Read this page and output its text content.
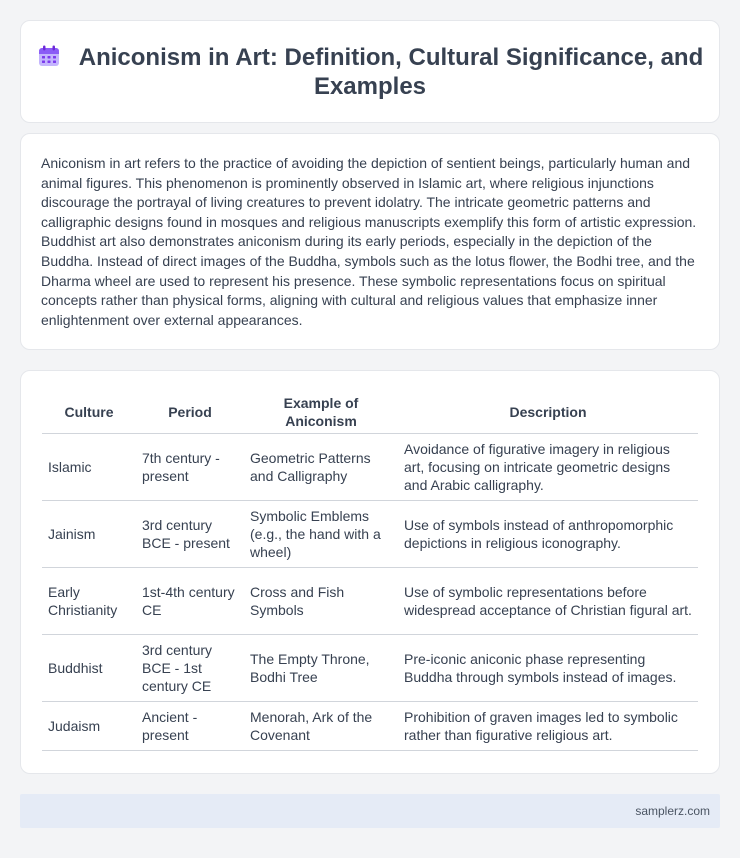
Aniconism in Art: Definition, Cultural Significance, and Examples

Aniconism in art refers to the practice of avoiding the depiction of sentient beings, particularly human and animal figures. This phenomenon is prominently observed in Islamic art, where religious injunctions discourage the portrayal of living creatures to prevent idolatry. The intricate geometric patterns and calligraphic designs found in mosques and religious manuscripts exemplify this form of artistic expression. Buddhist art also demonstrates aniconism during its early periods, especially in the depiction of the Buddha. Instead of direct images of the Buddha, symbols such as the lotus flower, the Bodhi tree, and the Dharma wheel are used to represent his presence. These symbolic representations focus on spiritual concepts rather than physical forms, aligning with cultural and religious values that emphasize inner enlightenment over external appearances.

Culture	Period	Example of Aniconism	Description
Islamic	7th century - present	Geometric Patterns and Calligraphy	Avoidance of figurative imagery in religious art, focusing on intricate geometric designs and Arabic calligraphy.
Jainism	3rd century BCE - present	Symbolic Emblems (e.g., the hand with a wheel)	Use of symbols instead of anthropomorphic depictions in religious iconography.
Early Christianity	1st-4th century CE	Cross and Fish Symbols	Use of symbolic representations before widespread acceptance of Christian figural art.
Buddhist	3rd century BCE - 1st century CE	The Empty Throne, Bodhi Tree	Pre-iconic aniconic phase representing Buddha through symbols instead of images.
Judaism	Ancient - present	Menorah, Ark of the Covenant	Prohibition of graven images led to symbolic rather than figurative religious art.
samplerz.com
